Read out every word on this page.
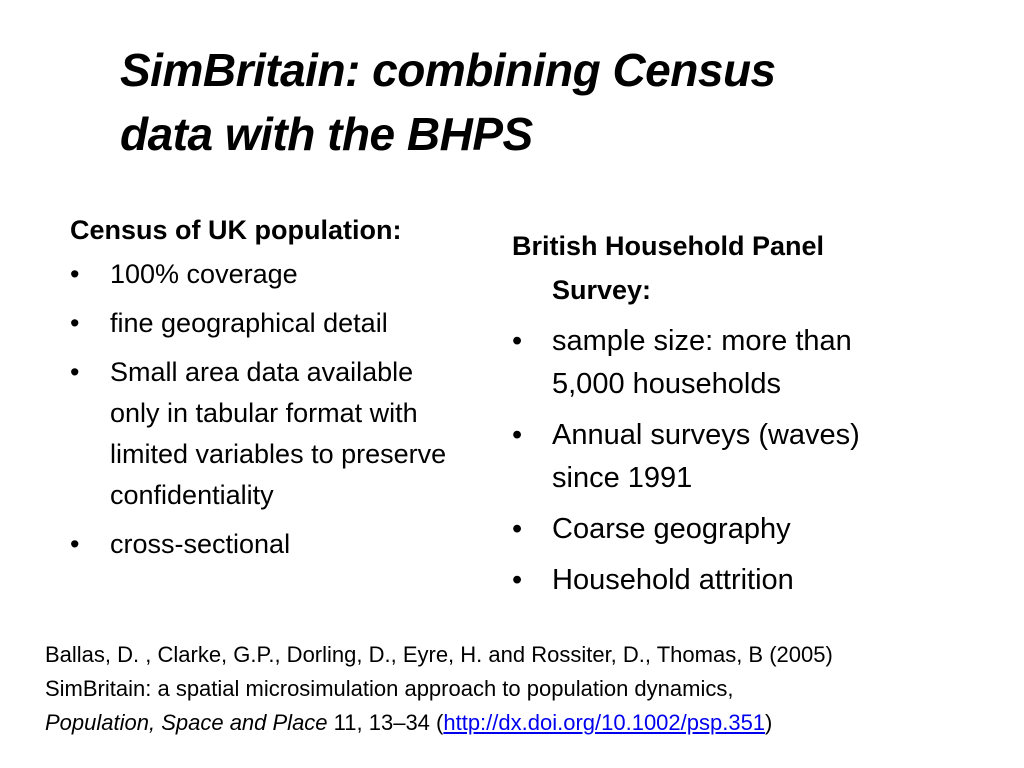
SimBritain: combining Census
data with the BHPS
Census of UK population:
•	100% coverage
•	fine geographical detail
•	Small area data available only in tabular format with limited variables to preserve confidentiality
•	cross-sectional
British Household Panel Survey:
•	sample size: more than 5,000 households
•	Annual surveys (waves) since 1991
•	Coarse geography
•	Household attrition
Ballas, D. , Clarke, G.P., Dorling, D., Eyre, H. and Rossiter, D., Thomas, B (2005)
SimBritain: a spatial microsimulation approach to population dynamics,
Population, Space and Place 11, 13–34 (http://dx.doi.org/10.1002/psp.351)
